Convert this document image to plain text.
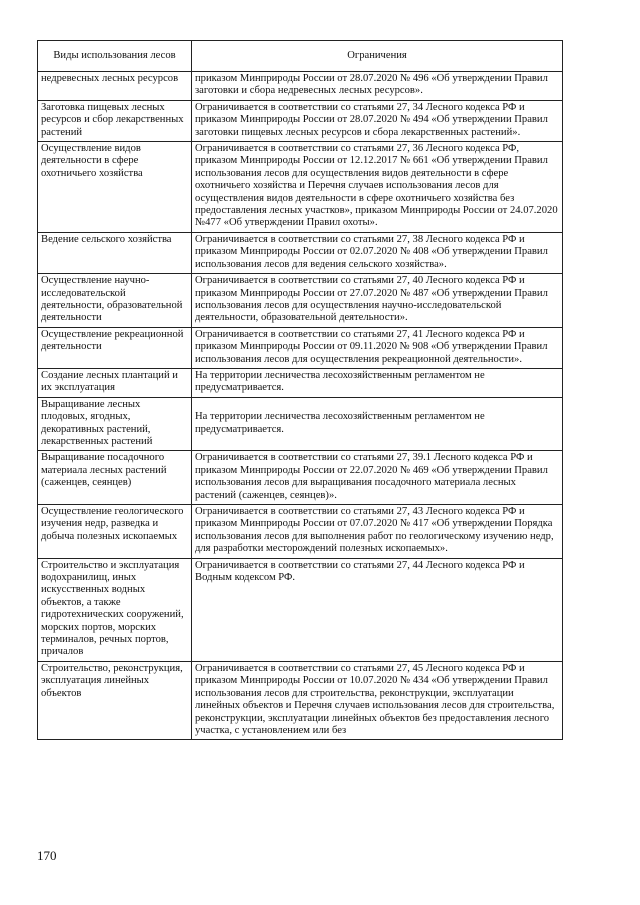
Виды использования лесов	Ограничения
недревесных лесных ресурсов	приказом Минприроды России от 28.07.2020 № 496 «Об утверждении Правил заготовки и сбора недревесных лесных ресурсов».
Заготовка пищевых лесных ресурсов и сбор лекарственных растений	Ограничивается в соответствии со статьями 27, 34 Лесного кодекса РФ и приказом Минприроды России от 28.07.2020 № 494 «Об утверждении Правил заготовки пищевых лесных ресурсов и сбора лекарственных растений».
Осуществление видов деятельности в сфере охотничьего хозяйства	Ограничивается в соответствии со статьями 27, 36 Лесного кодекса РФ, приказом Минприроды России от 12.12.2017 № 661 «Об утверждении Правил использования лесов для осуществления видов деятельности в сфере охотничьего хозяйства и Перечня случаев использования лесов для осуществления видов деятельности в сфере охотничьего хозяйства без предоставления лесных участков», приказом Минприроды России от 24.07.2020 №477 «Об утверждении Правил охоты».
Ведение сельского хозяйства	Ограничивается в соответствии со статьями 27, 38 Лесного кодекса РФ и приказом Минприроды России от 02.07.2020 № 408 «Об утверждении Правил использования лесов для ведения сельского хозяйства».
Осуществление научно-исследовательской деятельности, образовательной деятельности	Ограничивается в соответствии со статьями 27, 40 Лесного кодекса РФ и приказом Минприроды России от 27.07.2020 № 487 «Об утверждении Правил использования лесов для осуществления научно-исследовательской деятельности, образовательной деятельности».
Осуществление рекреационной деятельности	Ограничивается в соответствии со статьями 27, 41 Лесного кодекса РФ и приказом Минприроды России от 09.11.2020 № 908 «Об утверждении Правил использования лесов для осуществления рекреационной деятельности».
Создание лесных плантаций и их эксплуатация	На территории лесничества лесохозяйственным регламентом не предусматривается.
Выращивание лесных плодовых, ягодных, декоративных растений, лекарственных растений	На территории лесничества лесохозяйственным регламентом не предусматривается.
Выращивание посадочного материала лесных растений (саженцев, сеянцев)	Ограничивается в соответствии со статьями 27, 39.1 Лесного кодекса РФ и приказом Минприроды России от 22.07.2020 № 469 «Об утверждении Правил использования лесов для выращивания посадочного материала лесных растений (саженцев, сеянцев)».
Осуществление геологического изучения недр, разведка и добыча полезных ископаемых	Ограничивается в соответствии со статьями 27, 43 Лесного кодекса РФ и приказом Минприроды России от 07.07.2020 № 417 «Об утверждении Порядка использования лесов для выполнения работ по геологическому изучению недр, для разработки месторождений полезных ископаемых».
Строительство и эксплуатация водохранилищ, иных искусственных водных объектов, а также гидротехнических сооружений, морских портов, морских терминалов, речных портов, причалов	Ограничивается в соответствии со статьями 27, 44 Лесного кодекса РФ и Водным кодексом РФ.
Строительство, реконструкция, эксплуатация линейных объектов	Ограничивается в соответствии со статьями 27, 45 Лесного кодекса РФ и приказом Минприроды России от 10.07.2020 № 434 «Об утверждении Правил использования лесов для строительства, реконструкции, эксплуатации линейных объектов и Перечня случаев использования лесов для строительства, реконструкции, эксплуатации линейных объектов без предоставления лесного участка, с установлением или без
170
